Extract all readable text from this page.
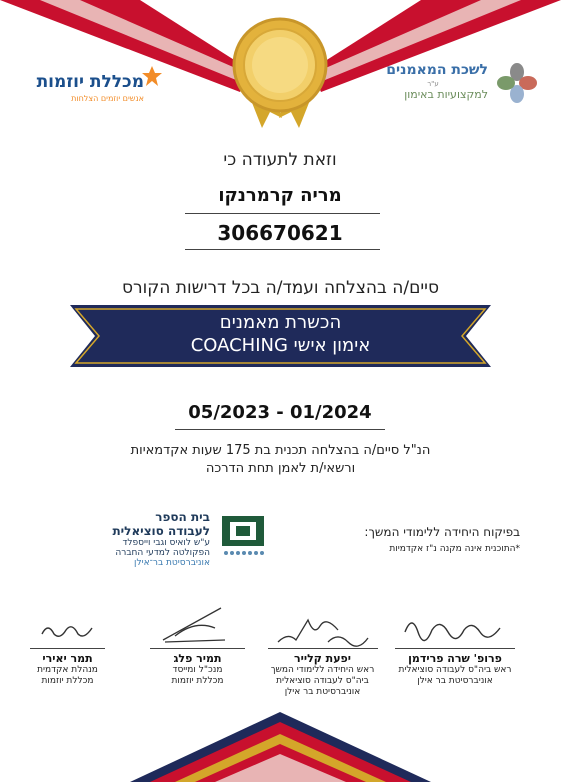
מכללת יוזמות
אנשים יוזמים הצלחות
לשכת המאמנים
ע"ר
למקצועיות באימון
וזאת לתעודה כי
מריה קרמרנקו
306670621
סיים/ה בהצלחה ועמד/ה בכל דרישות הקורס
הכשרת מאמנים
אימון אישי COACHING
05/2023 - 01/2024
הנ"ל סיים/ה בהצלחה תכנית בת 175 שעות אקדמאיות
ורשאי/ת לאמן תחת הדרכה
בפיקוח היחידה ללימודי המשך:
*התוכנית אינה מקנה נ"ז אקדמיות
בית הספר
לעבודה סוציאלית
ע"ש לואיס וגבי וייספלד
הפקולטה למדעי החברה
אוניברסיטת בר־אילן
פרופ' שרה פרידמן
ראש ביה"ס לעבודה סוציאלית
אוניברסיטת בר אילן
יפעת קלייר
ראש היחידה ללימודי המשך
ביה"ס לעבודה סוציאלית
אוניברסיטת בר אילן
תמיר פלג
מנכ"ל ומייסד
מכללת יוזמות
תמר יאירי
מנהלת אקדמית
מכללת יוזמות
